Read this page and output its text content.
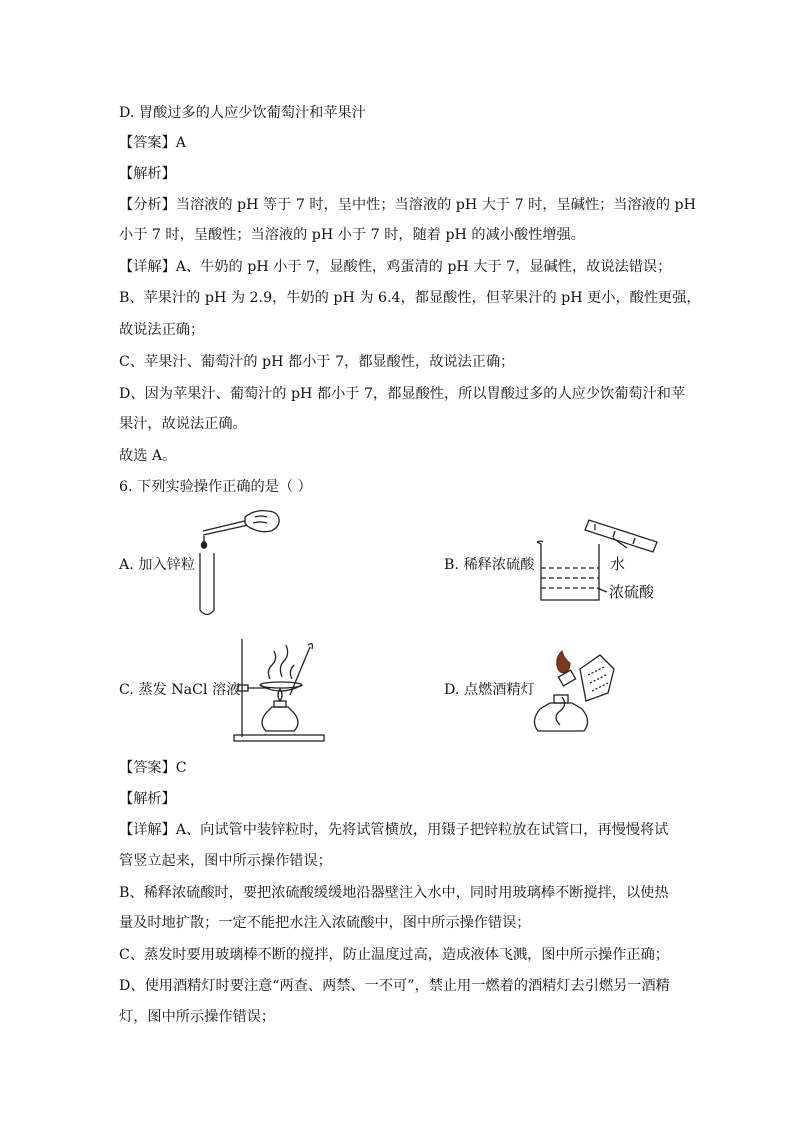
D. 胃酸过多的人应少饮葡萄汁和苹果汁
【答案】A
【解析】
【分析】当溶液的 pH 等于 7 时，呈中性；当溶液的 pH 大于 7 时，呈碱性；当溶液的 pH
小于 7 时，呈酸性；当溶液的 pH 小于 7 时，随着 pH 的减小酸性增强。
【详解】A、牛奶的 pH 小于 7，显酸性，鸡蛋清的 pH 大于 7，显碱性，故说法错误；
B、苹果汁的 pH 为 2.9，牛奶的 pH 为 6.4，都显酸性，但苹果汁的 pH 更小，酸性更强，
故说法正确；
C、苹果汁、葡萄汁的 pH 都小于 7，都显酸性，故说法正确；
D、因为苹果汁、葡萄汁的 pH 都小于 7，都显酸性，所以胃酸过多的人应少饮葡萄汁和苹
果汁，故说法正确。
故选 A。
6. 下列实验操作正确的是（ ）
A. 加入锌粒	B. 稀释浓硫酸
C. 蒸发 NaCl 溶液	D. 点燃酒精灯
水
浓硫酸
【答案】C
【解析】
【详解】A、向试管中装锌粒时，先将试管横放，用镊子把锌粒放在试管口，再慢慢将试
管竖立起来，图中所示操作错误；
B、稀释浓硫酸时，要把浓硫酸缓缓地沿器壁注入水中，同时用玻璃棒不断搅拌，以使热
量及时地扩散；一定不能把水注入浓硫酸中，图中所示操作错误；
C、蒸发时要用玻璃棒不断的搅拌，防止温度过高，造成液体飞溅，图中所示操作正确；
D、使用酒精灯时要注意“两查、两禁、一不可”，禁止用一燃着的酒精灯去引燃另一酒精
灯，图中所示操作错误；
